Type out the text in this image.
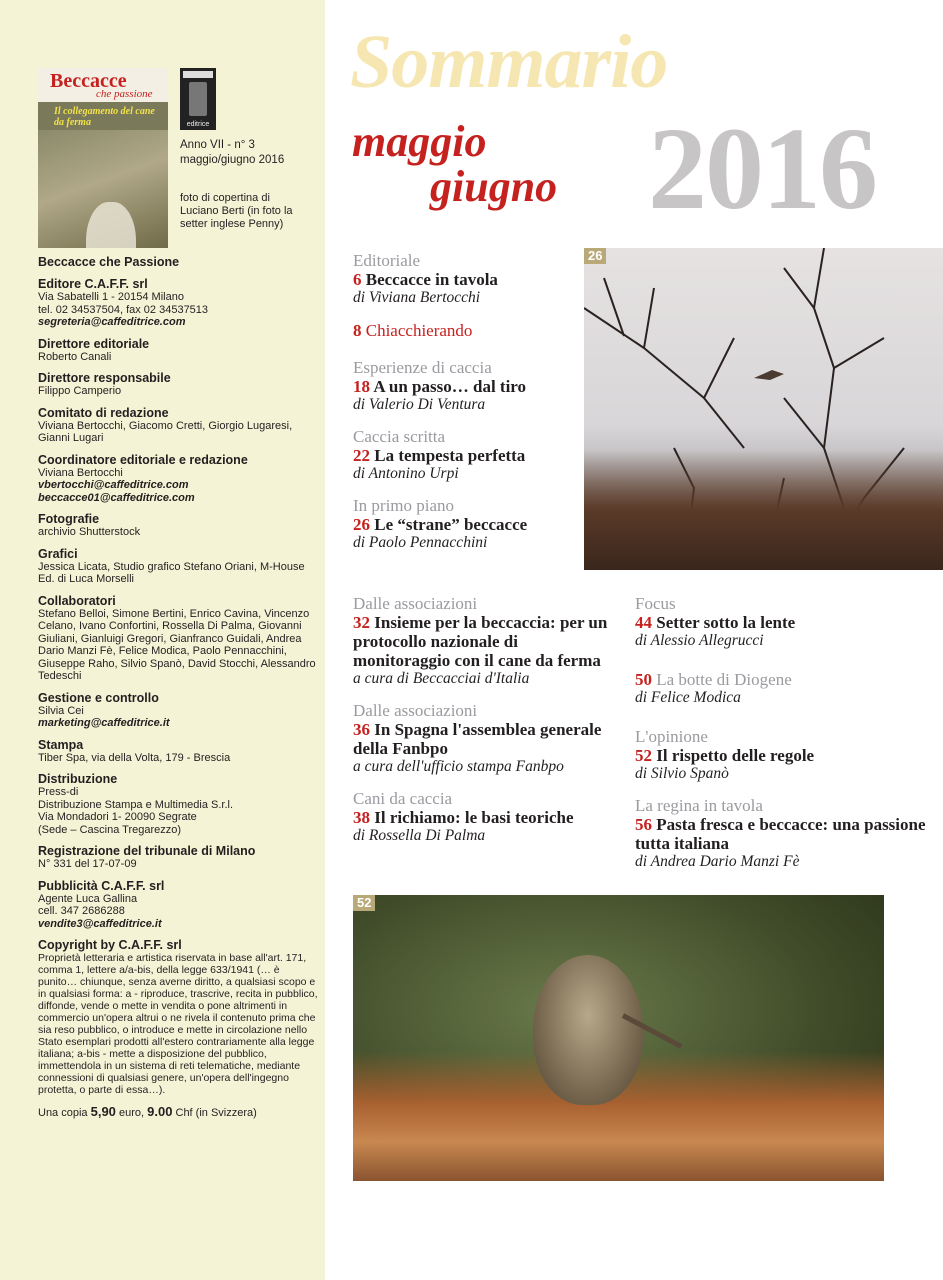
Beccacce
che passione
Il collegamento del cane da ferma	editrice
Anno VII - n° 3
maggio/giugno 2016
foto di copertina di Luciano Berti (in foto la setter inglese Penny)
Beccacce che Passione
Editore C.A.F.F. srl
Via Sabatelli 1 - 20154 Milano
tel. 02 34537504, fax 02 34537513
segreteria@caffeditrice.com
Direttore editoriale
Roberto Canali
Direttore responsabile
Filippo Camperio
Comitato di redazione
Viviana Bertocchi, Giacomo Cretti, Giorgio Lugaresi, Gianni Lugari
Coordinatore editoriale e redazione
Viviana Bertocchi
vbertocchi@caffeditrice.com
beccacce01@caffeditrice.com
Fotografie
archivio Shutterstock
Grafici
Jessica Licata, Studio grafico Stefano Oriani, M-House Ed. di Luca Morselli
Collaboratori
Stefano Belloi, Simone Bertini, Enrico Cavina, Vincenzo Celano, Ivano Confortini, Rossella Di Palma, Giovanni Giuliani, Gianluigi Gregori, Gianfranco Guidali, Andrea Dario Manzi Fè, Felice Modica, Paolo Pennacchini, Giuseppe Raho, Silvio Spanò, David Stocchi, Alessandro Tedeschi
Gestione e controllo
Silvia Cei
marketing@caffeditrice.it
Stampa
Tiber Spa, via della Volta, 179 - Brescia
Distribuzione
Press-di
Distribuzione Stampa e Multimedia S.r.l.
Via Mondadori 1- 20090 Segrate
(Sede – Cascina Tregarezzo)
Registrazione del tribunale di Milano
N° 331 del 17-07-09
Pubblicità C.A.F.F. srl
Agente Luca Gallina
cell. 347 2686288
vendite3@caffeditrice.it
Copyright by C.A.F.F. srl
Proprietà letteraria e artistica riservata in base all'art. 171, comma 1, lettere a/a-bis, della legge 633/1941 (… è punito… chiunque, senza averne diritto, a qualsiasi scopo e in qualsiasi forma: a - riproduce, trascrive, recita in pubblico, diffonde, vende o mette in vendita o pone altrimenti in commercio un'opera altrui o ne rivela il contenuto prima che sia reso pubblico, o introduce e mette in circolazione nello Stato esemplari prodotti all'estero contrariamente alla legge italiana; a-bis - mette a disposizione del pubblico, immettendola in un sistema di reti telematiche, mediante connessioni di qualsiasi genere, un'opera dell'ingegno protetta, o parte di essa…).
Una copia 5,90 euro, 9.00 Chf (in Svizzera)
Sommario
maggio
giugno 2016
26
Editoriale
6 Beccacce in tavola
di Viviana Bertocchi
8 Chiacchierando
Esperienze di caccia
18 A un passo… dal tiro
di Valerio Di Ventura
Caccia scritta
22 La tempesta perfetta
di Antonino Urpi
In primo piano
26 Le “strane” beccacce
di Paolo Pennacchini
Dalle associazioni
32 Insieme per la beccaccia: per un protocollo nazionale di monitoraggio con il cane da ferma
a cura di Beccacciai d'Italia
Dalle associazioni
36 In Spagna l'assemblea generale della Fanbpo
a cura dell'ufficio stampa Fanbpo
Cani da caccia
38 Il richiamo: le basi teoriche
di Rossella Di Palma
Focus
44 Setter sotto la lente
di Alessio Allegrucci
50 La botte di Diogene
di Felice Modica
L'opinione
52 Il rispetto delle regole
di Silvio Spanò
La regina in tavola
56 Pasta fresca e beccacce: una passione tutta italiana
di Andrea Dario Manzi Fè
52
